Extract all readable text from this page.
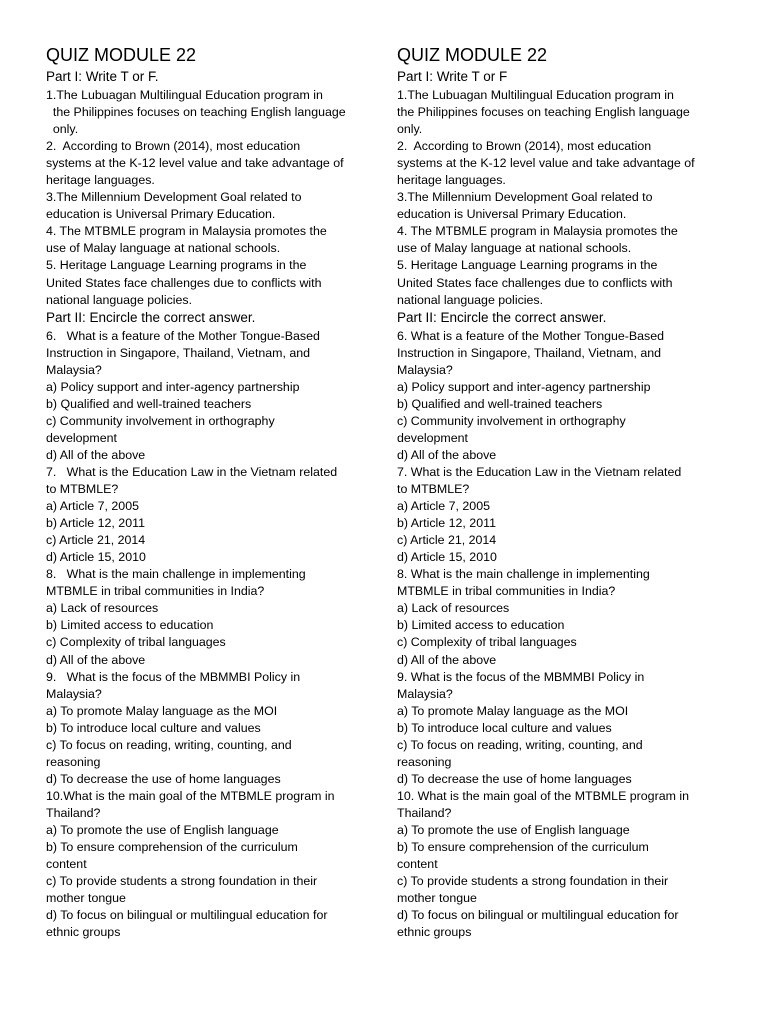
QUIZ MODULE 22
Part I: Write T or F.
1.The Lubuagan Multilingual Education program in
the Philippines focuses on teaching English language
only.
2.  According to Brown (2014), most education
systems at the K-12 level value and take advantage of
heritage languages.
3.The Millennium Development Goal related to
education is Universal Primary Education.
4. The MTBMLE program in Malaysia promotes the
use of Malay language at national schools.
5. Heritage Language Learning programs in the
United States face challenges due to conflicts with
national language policies.
Part II: Encircle the correct answer.
6.   What is a feature of the Mother Tongue-Based
Instruction in Singapore, Thailand, Vietnam, and
Malaysia?
a) Policy support and inter-agency partnership
b) Qualified and well-trained teachers
c) Community involvement in orthography
development
d) All of the above
7.   What is the Education Law in the Vietnam related
to MTBMLE?
a) Article 7, 2005
b) Article 12, 2011
c) Article 21, 2014
d) Article 15, 2010
8.   What is the main challenge in implementing
MTBMLE in tribal communities in India?
a) Lack of resources
b) Limited access to education
c) Complexity of tribal languages
d) All of the above
9.   What is the focus of the MBMMBI Policy in
Malaysia?
a) To promote Malay language as the MOI
b) To introduce local culture and values
c) To focus on reading, writing, counting, and
reasoning
d) To decrease the use of home languages
10.What is the main goal of the MTBMLE program in
Thailand?
a) To promote the use of English language
b) To ensure comprehension of the curriculum
content
c) To provide students a strong foundation in their
mother tongue
d) To focus on bilingual or multilingual education for
ethnic groups
QUIZ MODULE 22
Part I: Write T or F
1.The Lubuagan Multilingual Education program in
the Philippines focuses on teaching English language
only.
2.  According to Brown (2014), most education
systems at the K-12 level value and take advantage of
heritage languages.
3.The Millennium Development Goal related to
education is Universal Primary Education.
4. The MTBMLE program in Malaysia promotes the
use of Malay language at national schools.
5. Heritage Language Learning programs in the
United States face challenges due to conflicts with
national language policies.
Part II: Encircle the correct answer.
6. What is a feature of the Mother Tongue-Based
Instruction in Singapore, Thailand, Vietnam, and
Malaysia?
a) Policy support and inter-agency partnership
b) Qualified and well-trained teachers
c) Community involvement in orthography
development
d) All of the above
7. What is the Education Law in the Vietnam related
to MTBMLE?
a) Article 7, 2005
b) Article 12, 2011
c) Article 21, 2014
d) Article 15, 2010
8. What is the main challenge in implementing
MTBMLE in tribal communities in India?
a) Lack of resources
b) Limited access to education
c) Complexity of tribal languages
d) All of the above
9. What is the focus of the MBMMBI Policy in
Malaysia?
a) To promote Malay language as the MOI
b) To introduce local culture and values
c) To focus on reading, writing, counting, and
reasoning
d) To decrease the use of home languages
10. What is the main goal of the MTBMLE program in
Thailand?
a) To promote the use of English language
b) To ensure comprehension of the curriculum
content
c) To provide students a strong foundation in their
mother tongue
d) To focus on bilingual or multilingual education for
ethnic groups
